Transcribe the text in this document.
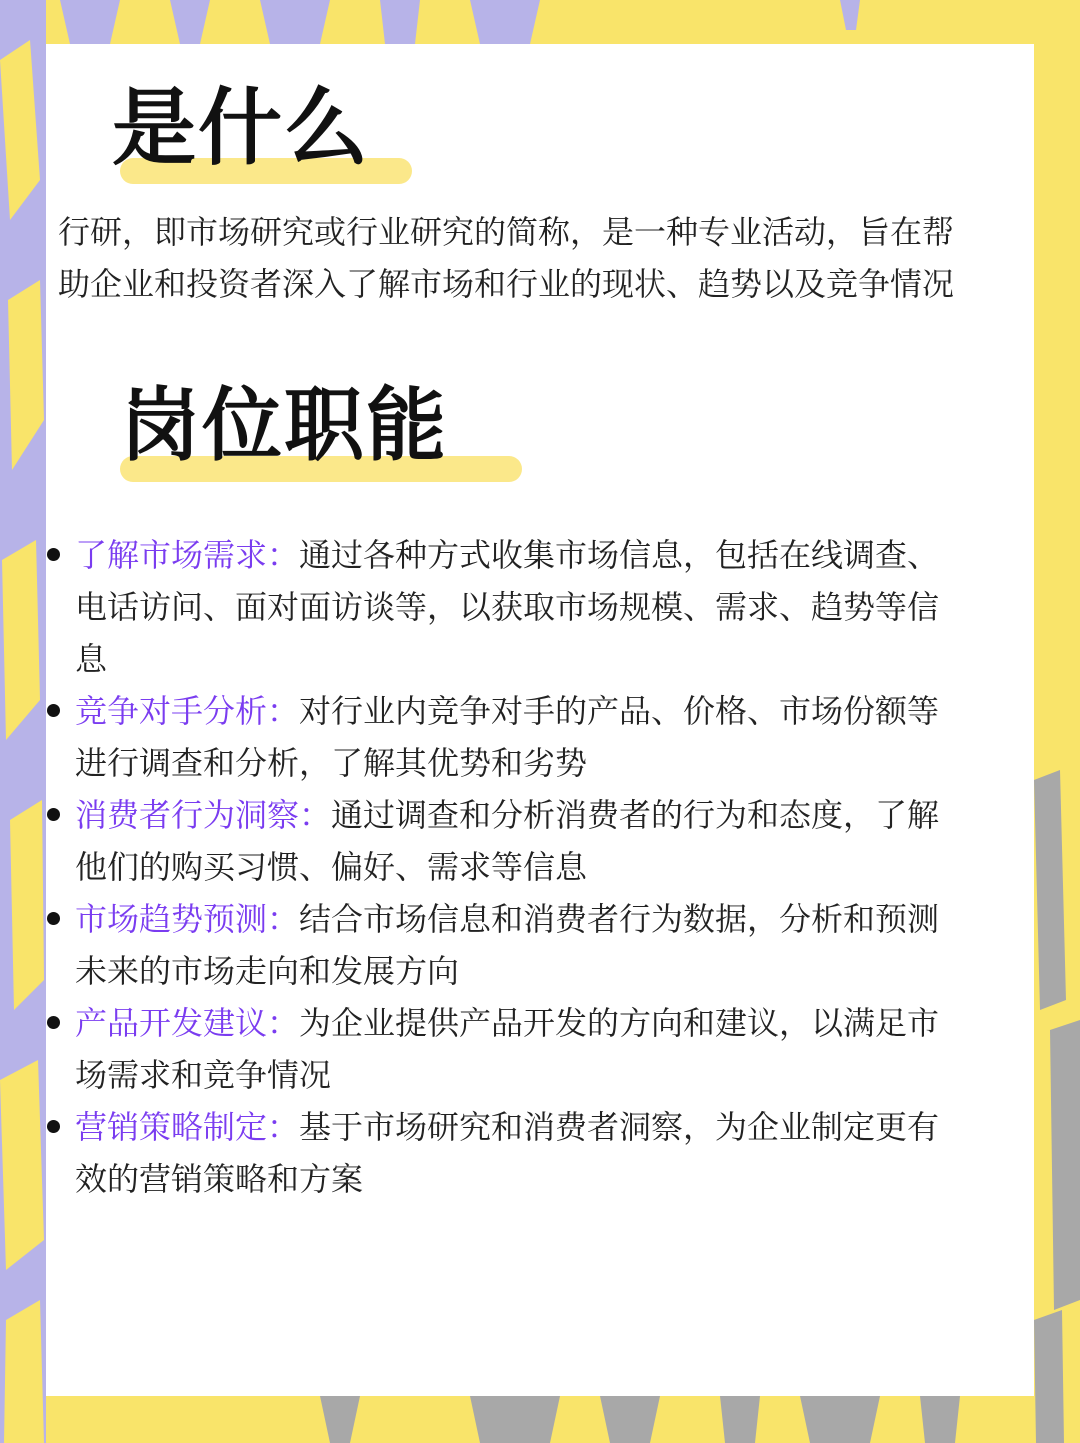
是什么

行研，即市场研究或行业研究的简称，是一种专业活动，旨在帮助企业和投资者深入了解市场和行业的现状、趋势以及竞争情况

岗位职能
了解市场需求：通过各种方式收集市场信息，包括在线调查、电话访问、面对面访谈等，以获取市场规模、需求、趋势等信息
竞争对手分析：对行业内竞争对手的产品、价格、市场份额等进行调查和分析，了解其优势和劣势
消费者行为洞察：通过调查和分析消费者的行为和态度，了解他们的购买习惯、偏好、需求等信息
市场趋势预测：结合市场信息和消费者行为数据，分析和预测未来的市场走向和发展方向
产品开发建议：为企业提供产品开发的方向和建议，以满足市场需求和竞争情况
营销策略制定：基于市场研究和消费者洞察，为企业制定更有效的营销策略和方案
